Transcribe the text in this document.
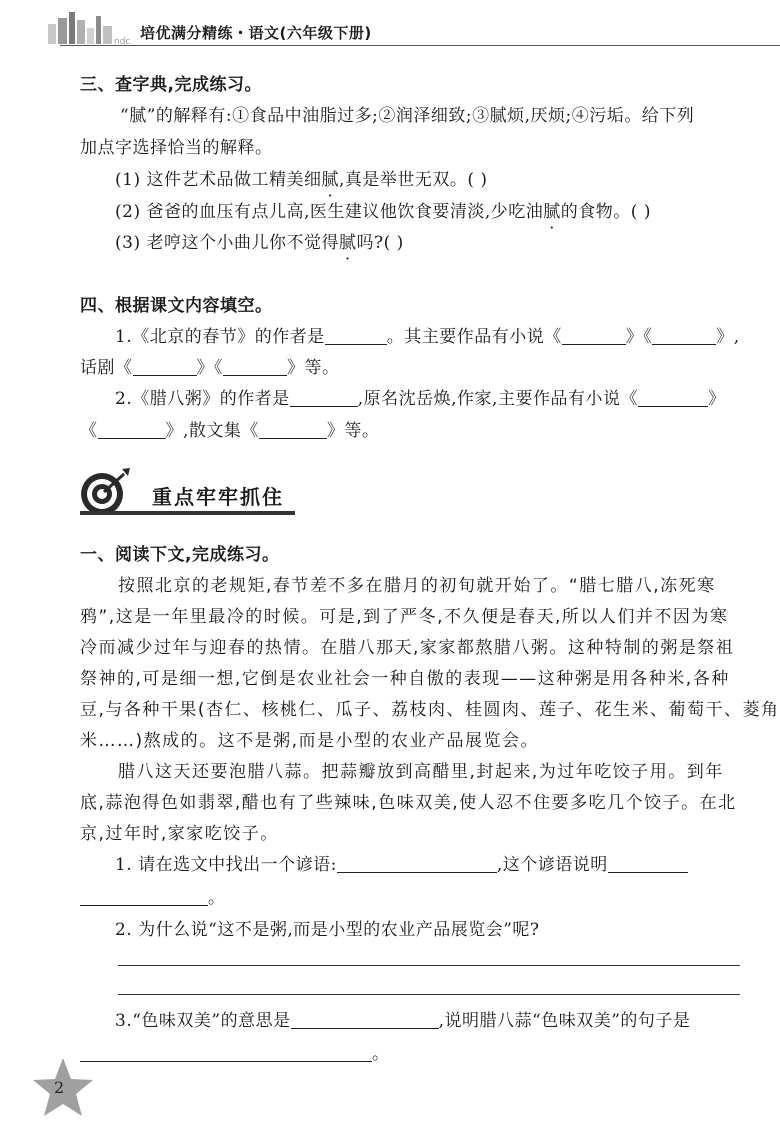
ndc 培优满分精练・语文(六年级下册)
三、查字典,完成练习。
“腻”的解释有:①食品中油脂过多;②润泽细致;③腻烦,厌烦;④污垢。给下列
加点字选择恰当的解释。
(1) 这件艺术品做工精美细腻,真是举世无双。( )
(2) 爸爸的血压有点儿高,医生建议他饮食要清淡,少吃油腻的食物。( )
(3) 老哼这个小曲儿你不觉得腻吗?( )
四、根据课文内容填空。
1.《北京的春节》的作者是	。其主要作品有小说《	》《	》,
话剧《	》《	》等。
2.《腊八粥》的作者是	,原名沈岳焕,作家,主要作品有小说《	》
《	》,散文集《	》等。
重点牢牢抓住
一、阅读下文,完成练习。
按照北京的老规矩,春节差不多在腊月的初旬就开始了。“腊七腊八,冻死寒
鸦”,这是一年里最冷的时候。可是,到了严冬,不久便是春天,所以人们并不因为寒
冷而减少过年与迎春的热情。在腊八那天,家家都熬腊八粥。这种特制的粥是祭祖
祭神的,可是细一想,它倒是农业社会一种自傲的表现——这种粥是用各种米,各种
豆,与各种干果(杏仁、核桃仁、瓜子、荔枝肉、桂圆肉、莲子、花生米、葡萄干、菱角
米……)熬成的。这不是粥,而是小型的农业产品展览会。
腊八这天还要泡腊八蒜。把蒜瓣放到高醋里,封起来,为过年吃饺子用。到年
底,蒜泡得色如翡翠,醋也有了些辣味,色味双美,使人忍不住要多吃几个饺子。在北
京,过年时,家家吃饺子。
1. 请在选文中找出一个谚语:	,这个谚语说明
。
2. 为什么说“这不是粥,而是小型的农业产品展览会”呢?
3.“色味双美”的意思是	,说明腊八蒜“色味双美”的句子是
。
2
